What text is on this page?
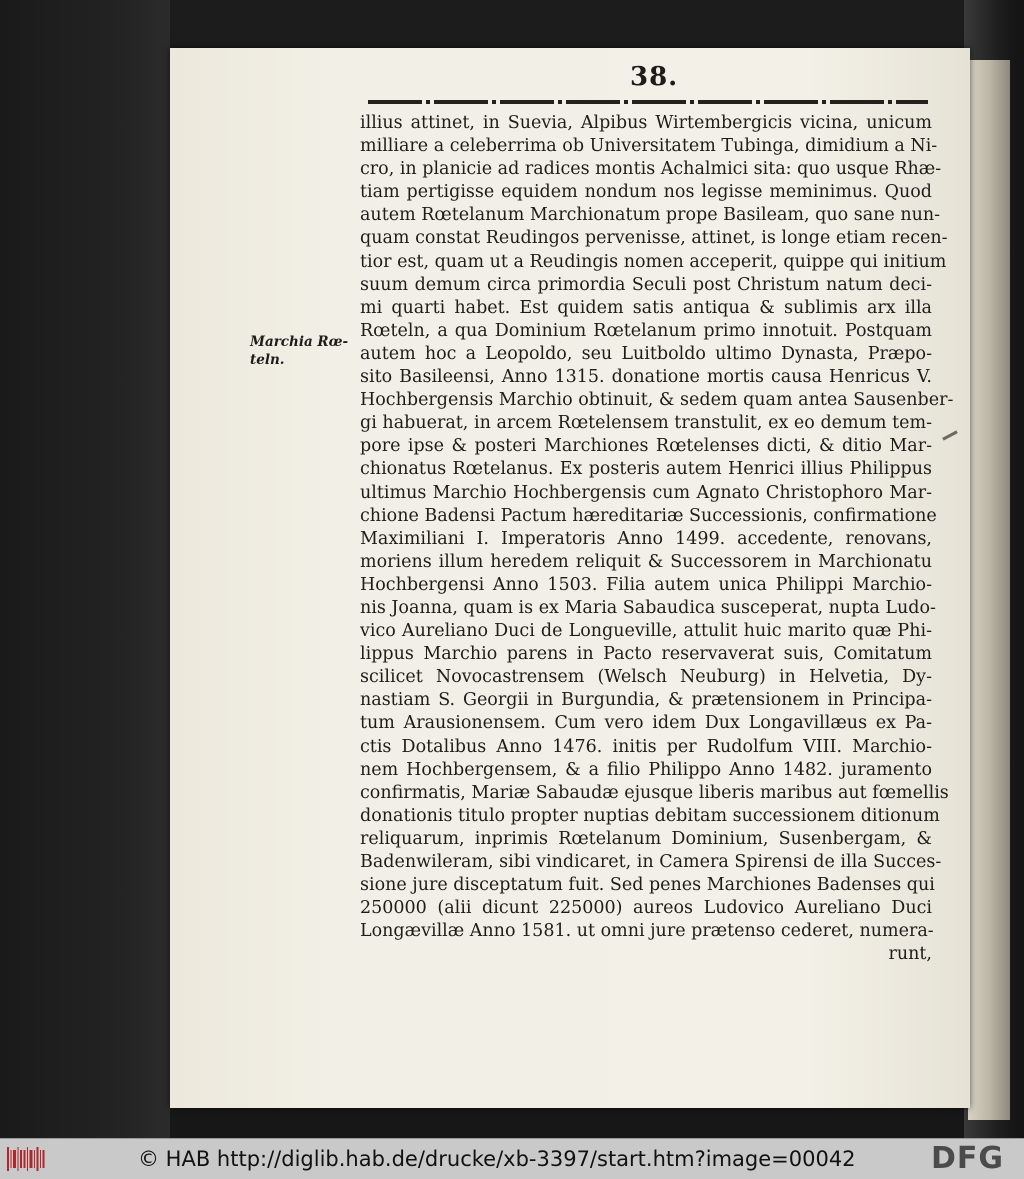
38.
Marchia Rœ-
teln.
illius attinet, in Suevia, Alpibus Wirtembergicis vicina, unicum
milliare a celeberrima ob Universitatem Tubinga, dimidium a Ni-
cro, in planicie ad radices montis Achalmici sita: quo usque Rhæ-
tiam pertigisse equidem nondum nos legisse meminimus. Quod
autem Rœtelanum Marchionatum prope Basileam, quo sane nun-
quam constat Reudingos pervenisse, attinet, is longe etiam recen-
tior est, quam ut a Reudingis nomen acceperit, quippe qui initium
suum demum circa primordia Seculi post Christum natum deci-
mi quarti habet. Est quidem satis antiqua & sublimis arx illa
Rœteln, a qua Dominium Rœtelanum primo innotuit. Postquam
autem hoc a Leopoldo, seu Luitboldo ultimo Dynasta, Præpo-
sito Basileensi, Anno 1315. donatione mortis causa Henricus V.
Hochbergensis Marchio obtinuit, & sedem quam antea Sausenber-
gi habuerat, in arcem Rœtelensem transtulit, ex eo demum tem-
pore ipse & posteri Marchiones Rœtelenses dicti, & ditio Mar-
chionatus Rœtelanus. Ex posteris autem Henrici illius Philippus
ultimus Marchio Hochbergensis cum Agnato Christophoro Mar-
chione Badensi Pactum hæreditariæ Successionis, confirmatione
Maximiliani I. Imperatoris Anno 1499. accedente, renovans,
moriens illum heredem reliquit & Successorem in Marchionatu
Hochbergensi Anno 1503. Filia autem unica Philippi Marchio-
nis Joanna, quam is ex Maria Sabaudica susceperat, nupta Ludo-
vico Aureliano Duci de Longueville, attulit huic marito quæ Phi-
lippus Marchio parens in Pacto reservaverat suis, Comitatum
scilicet Novocastrensem (Welsch Neuburg) in Helvetia, Dy-
nastiam S. Georgii in Burgundia, & prætensionem in Principa-
tum Arausionensem. Cum vero idem Dux Longavillæus ex Pa-
ctis Dotalibus Anno 1476. initis per Rudolfum VIII. Marchio-
nem Hochbergensem, & a filio Philippo Anno 1482. juramento
confirmatis, Mariæ Sabaudæ ejusque liberis maribus aut fœmellis
donationis titulo propter nuptias debitam successionem ditionum
reliquarum, inprimis Rœtelanum Dominium, Susenbergam, &
Badenwileram, sibi vindicaret, in Camera Spirensi de illa Succes-
sione jure disceptatum fuit. Sed penes Marchiones Badenses qui
250000 (alii dicunt 225000) aureos Ludovico Aureliano Duci
Longævillæ Anno 1581. ut omni jure prætenso cederet, numera-
runt,
© HAB http://diglib.hab.de/drucke/xb-3397/start.htm?image=00042	DFG
